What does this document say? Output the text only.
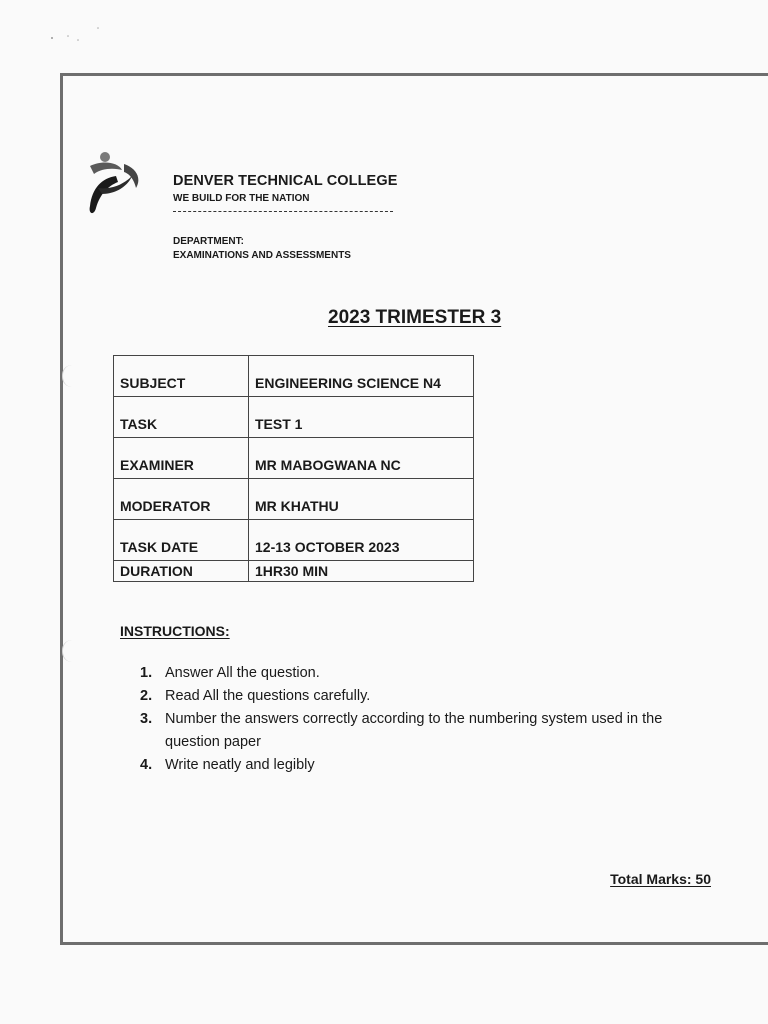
DENVER TECHNICAL COLLEGE
WE BUILD FOR THE NATION
DEPARTMENT:
EXAMINATIONS AND ASSESSMENTS
2023 TRIMESTER 3
SUBJECT	ENGINEERING SCIENCE N4
TASK	TEST 1
EXAMINER	MR MABOGWANA NC
MODERATOR	MR KHATHU
TASK DATE	12-13 OCTOBER 2023
DURATION	1HR30 MIN
INSTRUCTIONS:
1. Answer All the question.
2. Read All the questions carefully.
3. Number the answers correctly according to the numbering system used in the question paper
4. Write neatly and legibly
Total Marks: 50
